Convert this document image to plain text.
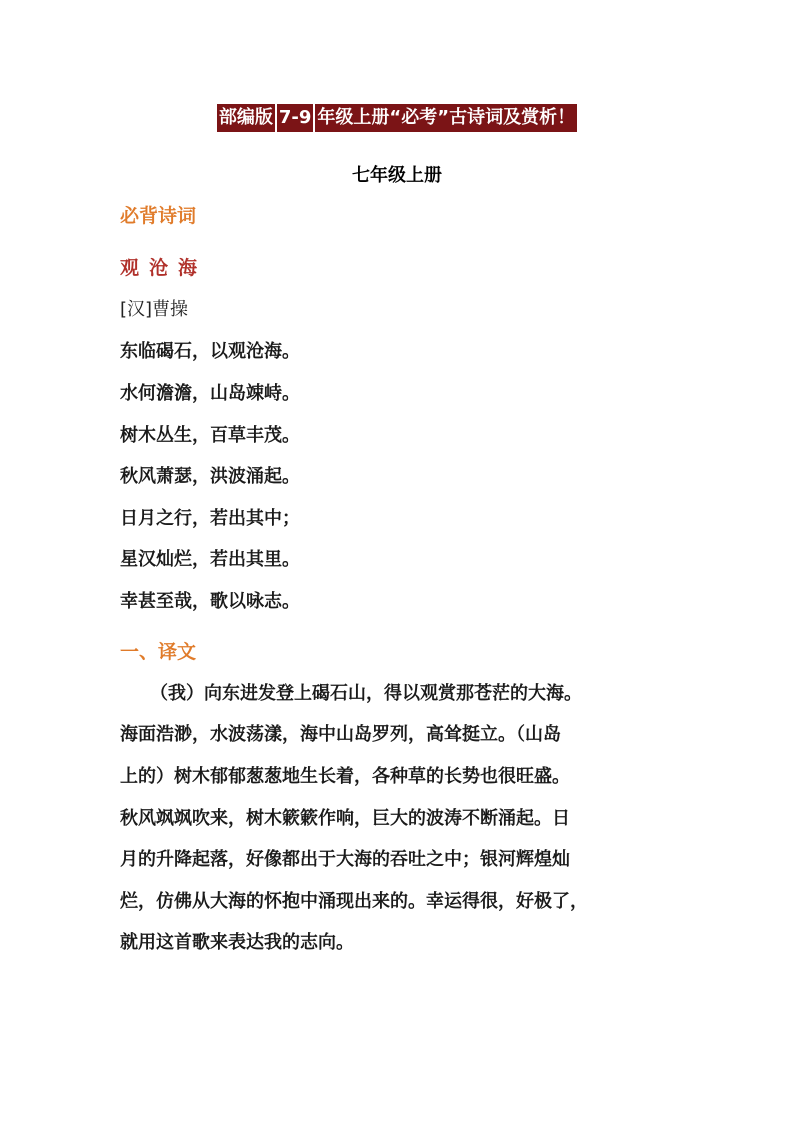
部编版 7-9 年级上册“必考”古诗词及赏析！
七年级上册
必背诗词
观沧海
[汉]曹操
东临碣石，以观沧海。
水何澹澹，山岛竦峙。
树木丛生，百草丰茂。
秋风萧瑟，洪波涌起。
日月之行，若出其中；
星汉灿烂，若出其里。
幸甚至哉，歌以咏志。
一、译文
（我）向东进发登上碣石山，得以观赏那苍茫的大海。
海面浩渺，水波荡漾，海中山岛罗列，高耸挺立。（山岛
上的）树木郁郁葱葱地生长着，各种草的长势也很旺盛。
秋风飒飒吹来，树木簌簌作响，巨大的波涛不断涌起。日
月的升降起落，好像都出于大海的吞吐之中；银河辉煌灿
烂，仿佛从大海的怀抱中涌现出来的。幸运得很，好极了，
就用这首歌来表达我的志向。
